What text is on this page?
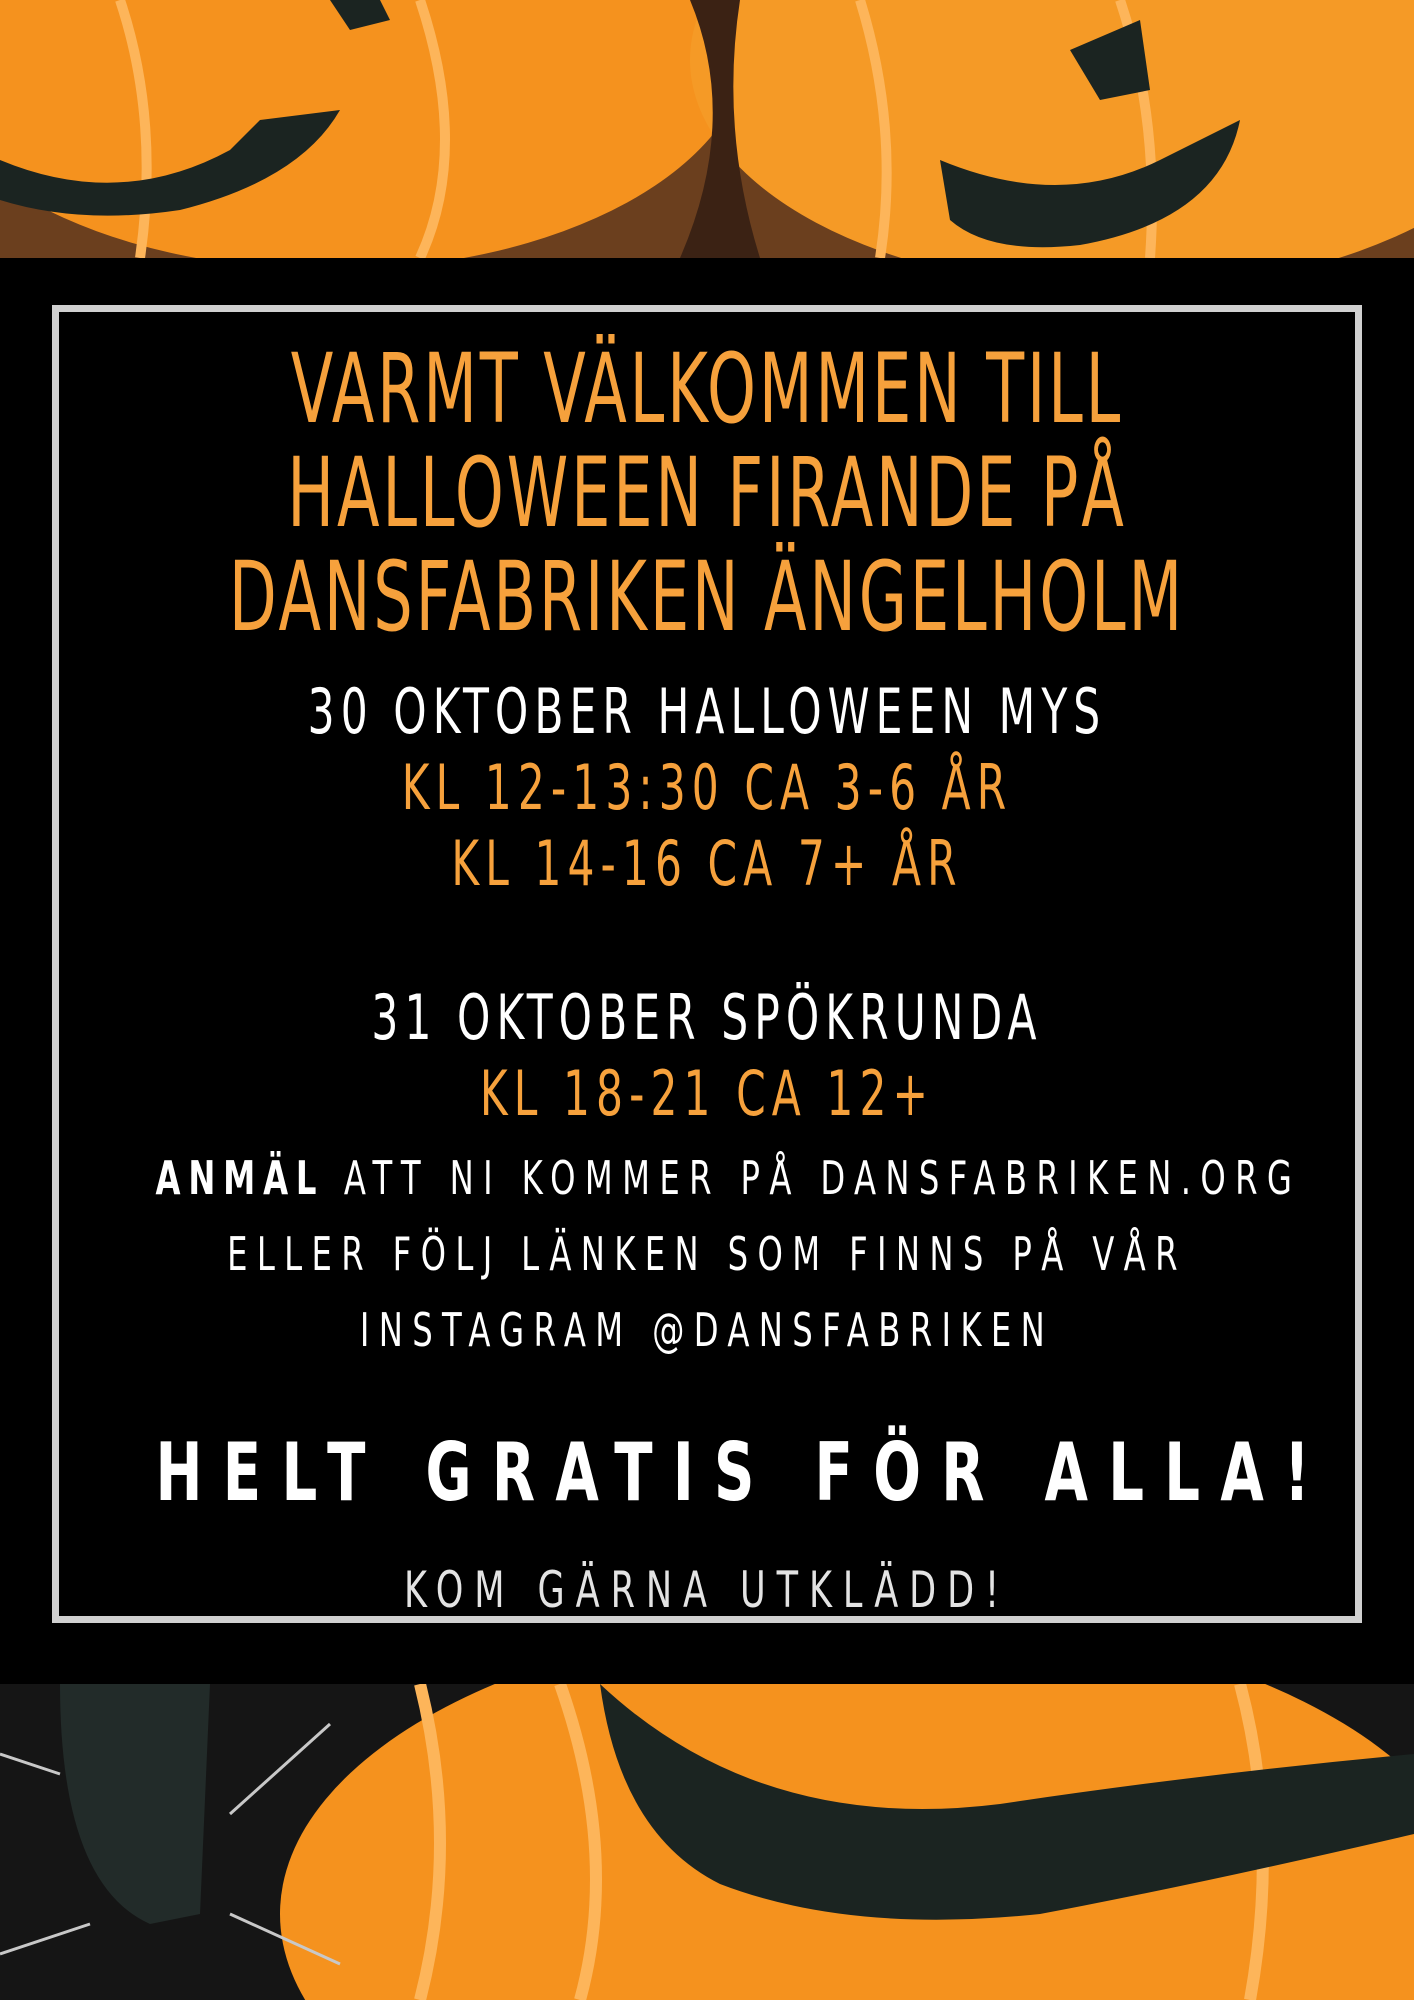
VARMT VÄLKOMMEN TILL
HALLOWEEN FIRANDE PÅ
DANSFABRIKEN ÄNGELHOLM
30 OKTOBER HALLOWEEN MYS
KL 12-13:30 CA 3-6 ÅR
KL 14-16 CA 7+ ÅR
31 OKTOBER SPÖKRUNDA
KL 18-21 CA 12+
ANMÄL ATT NI KOMMER PÅ DANSFABRIKEN.ORG
ELLER FÖLJ LÄNKEN SOM FINNS PÅ VÅR
INSTAGRAM @DANSFABRIKEN
HELT GRATIS FÖR ALLA!
KOM GÄRNA UTKLÄDD!
